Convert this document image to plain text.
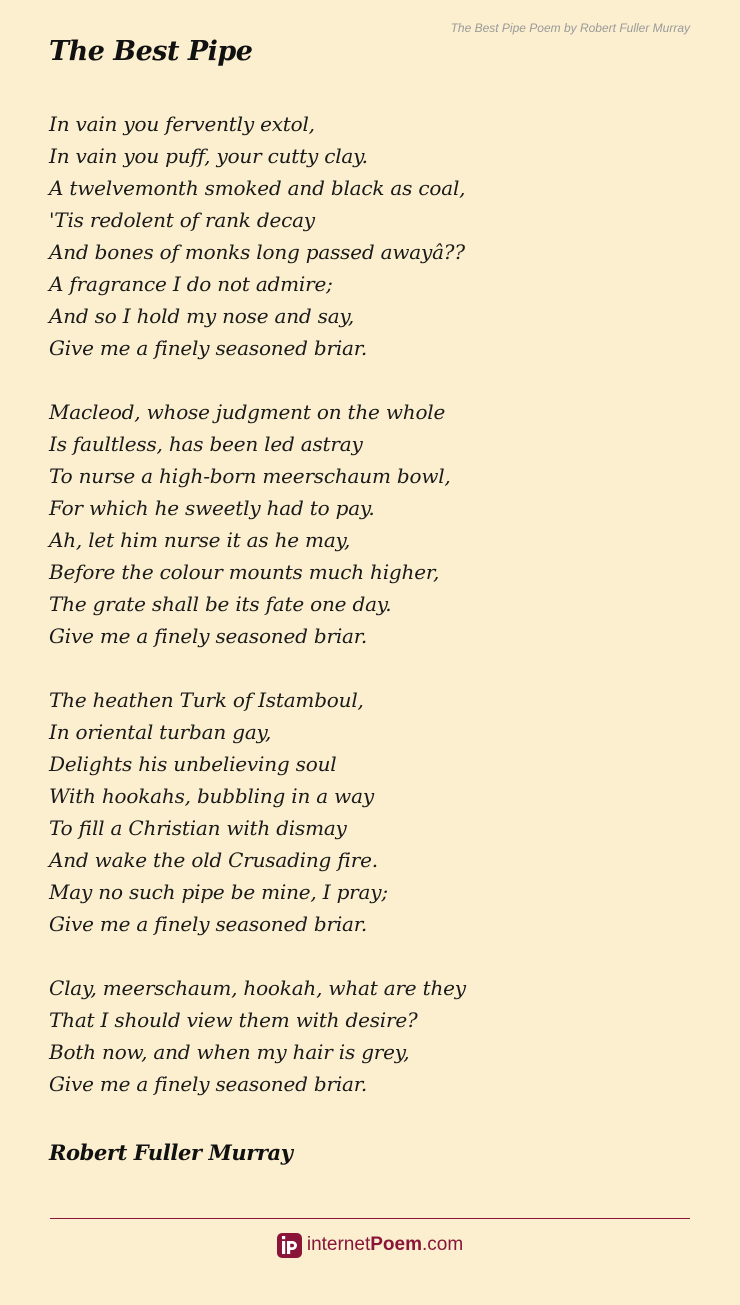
The Best Pipe Poem by Robert Fuller Murray
The Best Pipe
In vain you fervently extol,
In vain you puff, your cutty clay.
A twelvemonth smoked and black as coal,
'Tis redolent of rank decay
And bones of monks long passed awayâ??
A fragrance I do not admire;
And so I hold my nose and say,
Give me a finely seasoned briar.
Macleod, whose judgment on the whole
Is faultless, has been led astray
To nurse a high-born meerschaum bowl,
For which he sweetly had to pay.
Ah, let him nurse it as he may,
Before the colour mounts much higher,
The grate shall be its fate one day.
Give me a finely seasoned briar.
The heathen Turk of Istamboul,
In oriental turban gay,
Delights his unbelieving soul
With hookahs, bubbling in a way
To fill a Christian with dismay
And wake the old Crusading fire.
May no such pipe be mine, I pray;
Give me a finely seasoned briar.
Clay, meerschaum, hookah, what are they
That I should view them with desire?
Both now, and when my hair is grey,
Give me a finely seasoned briar.
Robert Fuller Murray
internetPoem.com
